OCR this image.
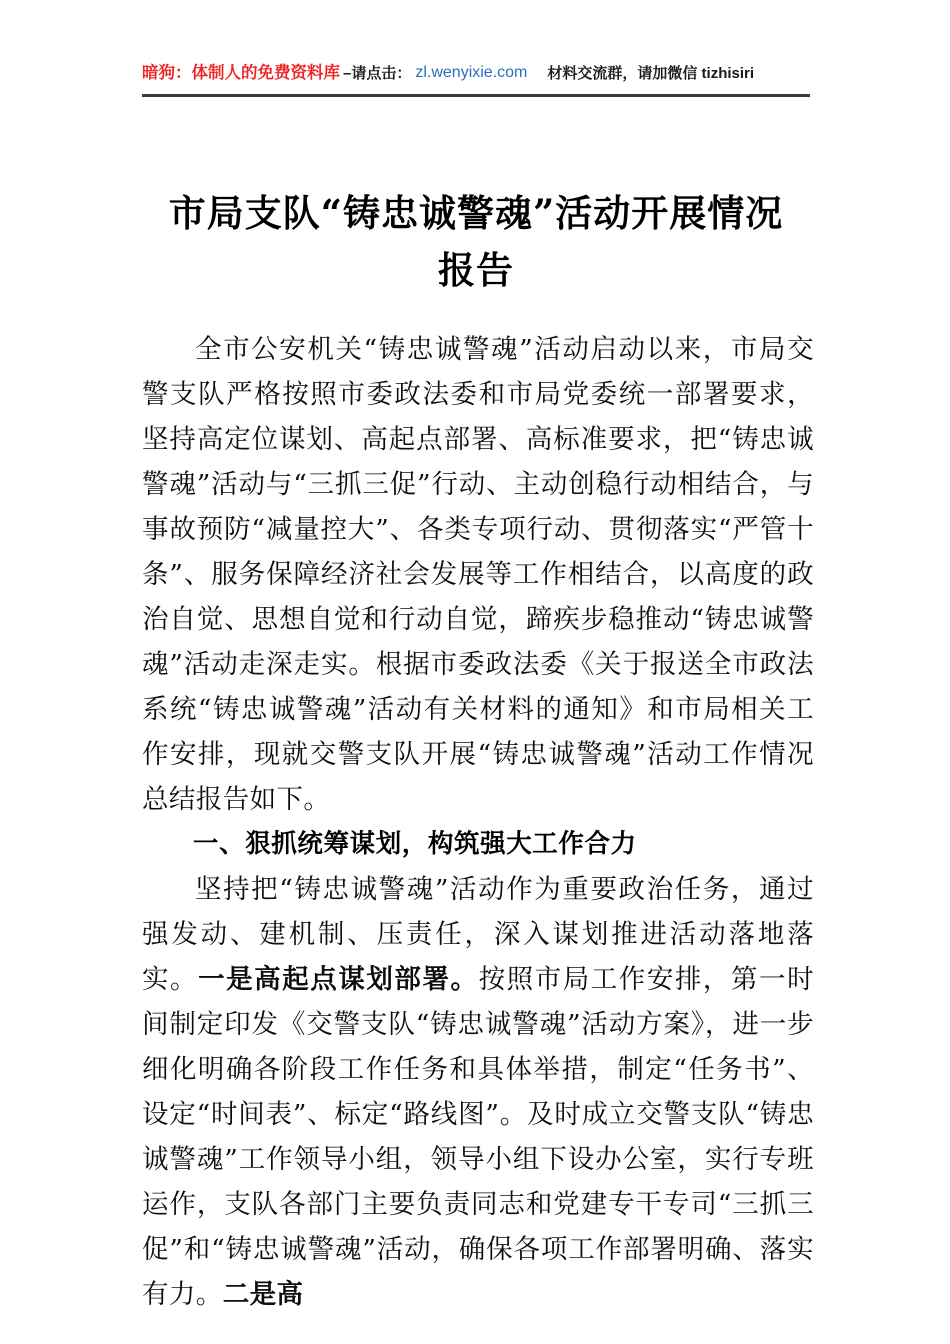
暗狗：体制人的免费资料库 –请点击： zl.wenyixie.com 材料交流群，请加微信 tizhisiri
市局支队“铸忠诚警魂”活动开展情况报告

全市公安机关“铸忠诚警魂”活动启动以来，市局交警支队严格按照市委政法委和市局党委统一部署要求，坚持高定位谋划、高起点部署、高标准要求，把“铸忠诚警魂”活动与“三抓三促”行动、主动创稳行动相结合，与事故预防“减量控大”、各类专项行动、贯彻落实“严管十条”、服务保障经济社会发展等工作相结合，以高度的政治自觉、思想自觉和行动自觉，蹄疾步稳推动“铸忠诚警魂”活动走深走实。根据市委政法委《关于报送全市政法系统“铸忠诚警魂”活动有关材料的通知》和市局相关工作安排，现就交警支队开展“铸忠诚警魂”活动工作情况总结报告如下。

一、狠抓统筹谋划，构筑强大工作合力

坚持把“铸忠诚警魂”活动作为重要政治任务，通过强发动、建机制、压责任，深入谋划推进活动落地落实。一是高起点谋划部署。按照市局工作安排，第一时间制定印发《交警支队“铸忠诚警魂”活动方案》，进一步细化明确各阶段工作任务和具体举措，制定“任务书”、设定“时间表”、标定“路线图”。及时成立交警支队“铸忠诚警魂”工作领导小组，领导小组下设办公室，实行专班运作，支队各部门主要负责同志和党建专干专司“三抓三促”和“铸忠诚警魂”活动，确保各项工作部署明确、落实有力。二是高
